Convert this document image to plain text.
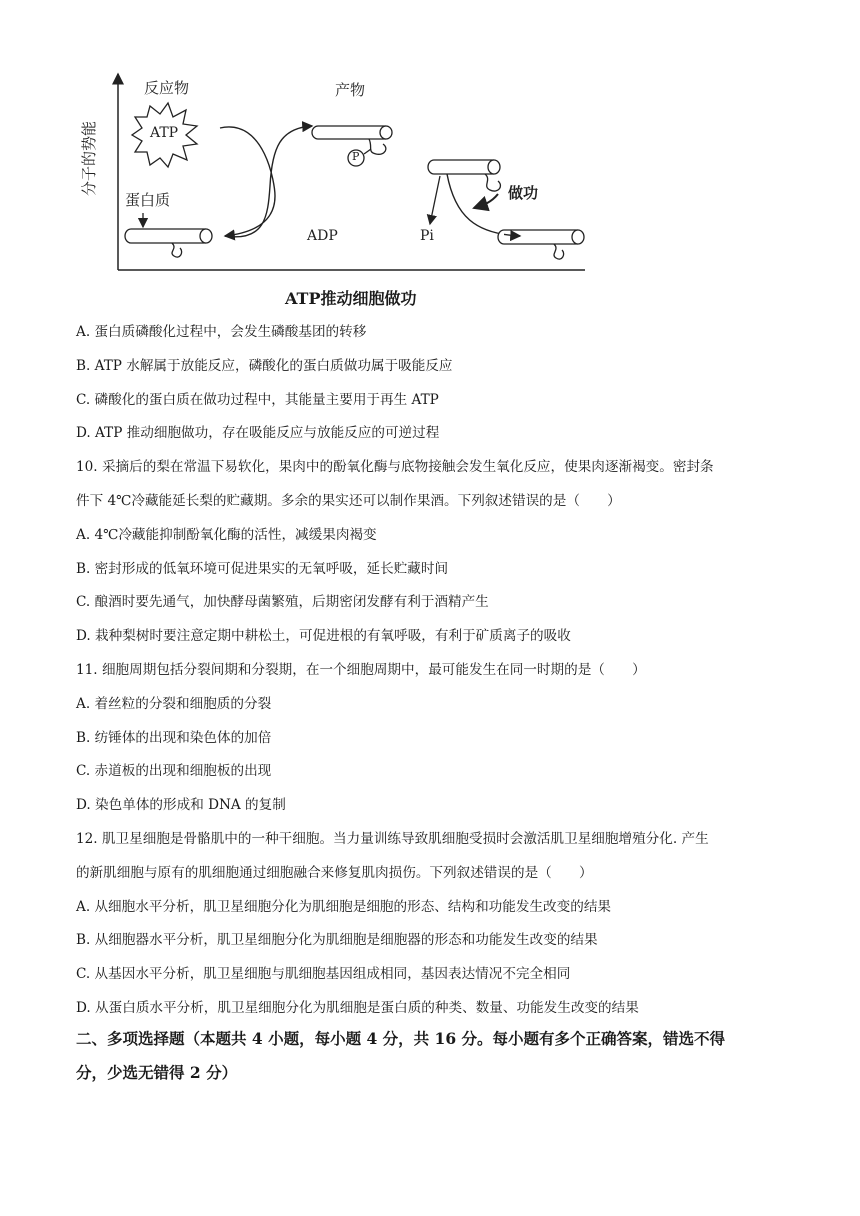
反应物	产物
分子的势能	ATP
蛋白质
ADP
P
Pi
做功
ATP推动细胞做功
A. 蛋白质磷酸化过程中，会发生磷酸基团的转移
B. ATP 水解属于放能反应，磷酸化的蛋白质做功属于吸能反应
C. 磷酸化的蛋白质在做功过程中，其能量主要用于再生 ATP
D. ATP 推动细胞做功，存在吸能反应与放能反应的可逆过程
10. 采摘后的梨在常温下易软化，果肉中的酚氧化酶与底物接触会发生氧化反应，使果肉逐渐褐变。密封条
件下 4℃冷藏能延长梨的贮藏期。多余的果实还可以制作果酒。下列叙述错误的是（　　）
A. 4℃冷藏能抑制酚氧化酶的活性，减缓果肉褐变
B. 密封形成的低氧环境可促进果实的无氧呼吸，延长贮藏时间
C. 酿酒时要先通气，加快酵母菌繁殖，后期密闭发酵有利于酒精产生
D. 栽种梨树时要注意定期中耕松土，可促进根的有氧呼吸，有利于矿质离子的吸收
11. 细胞周期包括分裂间期和分裂期，在一个细胞周期中，最可能发生在同一时期的是（　　）
A. 着丝粒的分裂和细胞质的分裂
B. 纺锤体的出现和染色体的加倍
C. 赤道板的出现和细胞板的出现
D. 染色单体的形成和 DNA 的复制
12. 肌卫星细胞是骨骼肌中的一种干细胞。当力量训练导致肌细胞受损时会激活肌卫星细胞增殖分化. 产生
的新肌细胞与原有的肌细胞通过细胞融合来修复肌肉损伤。下列叙述错误的是（　　）
A. 从细胞水平分析，肌卫星细胞分化为肌细胞是细胞的形态、结构和功能发生改变的结果
B. 从细胞器水平分析，肌卫星细胞分化为肌细胞是细胞器的形态和功能发生改变的结果
C. 从基因水平分析，肌卫星细胞与肌细胞基因组成相同，基因表达情况不完全相同
D. 从蛋白质水平分析，肌卫星细胞分化为肌细胞是蛋白质的种类、数量、功能发生改变的结果
二、多项选择题（本题共 4 小题，每小题 4 分，共 16 分。每小题有多个正确答案，错选不得
分，少选无错得 2 分）
